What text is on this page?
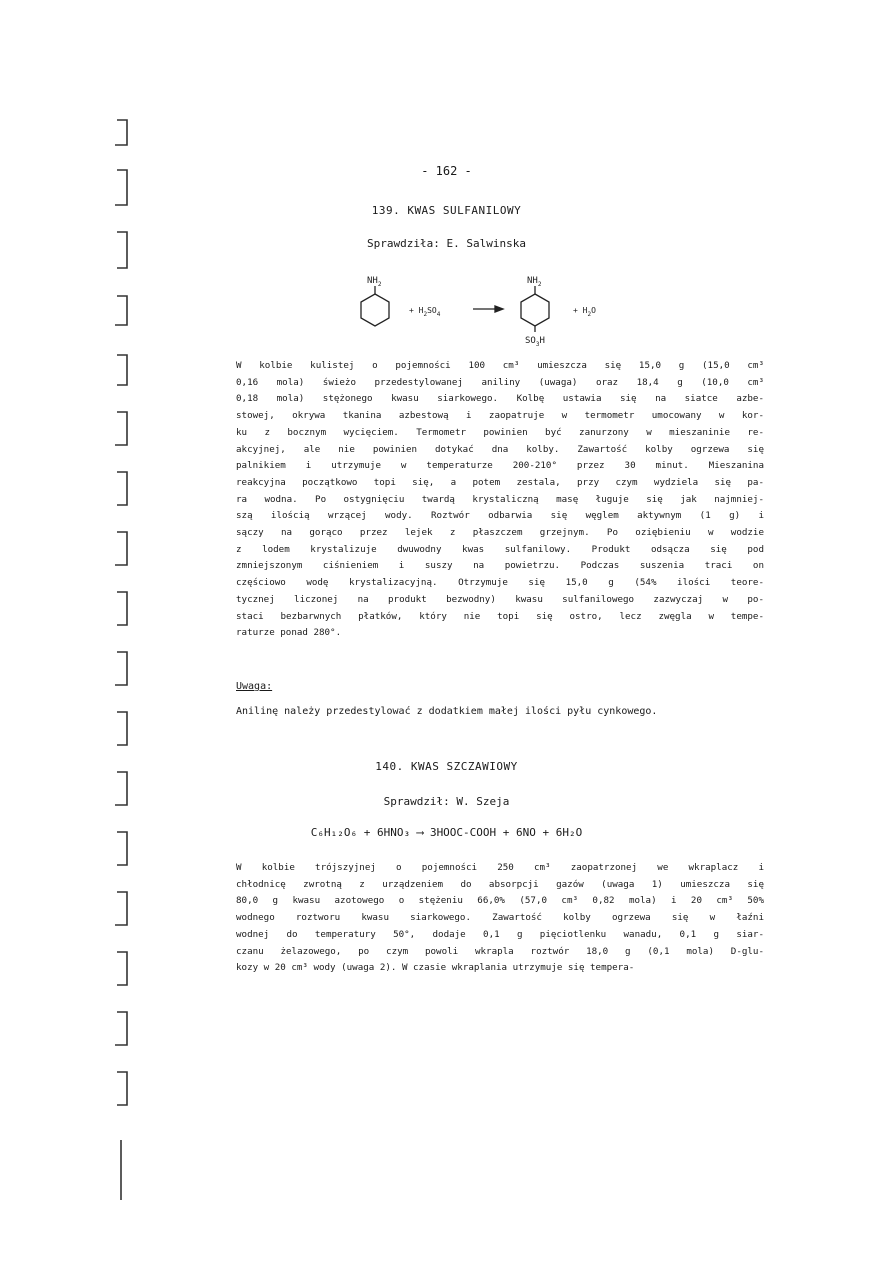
- 162 -
139. KWAS SULFANILOWY
Sprawdziła: E. Salwinska
$NH_2$
+ $H_2SO_4$
$NH_2$
$SO_3H$
+ $H_2O$
W kolbie kulistej o pojemności 100 cm³ umieszcza się 15,0 g (15,0 cm³
0,16 mola) świeżo przedestylowanej aniliny (uwaga) oraz 18,4 g (10,0 cm³
0,18 mola) stężonego kwasu siarkowego. Kolbę ustawia się na siatce azbe-
stowej, okrywa tkanina azbestową i zaopatruje w termometr umocowany w kor-
ku z bocznym wycięciem. Termometr powinien być zanurzony w mieszaninie re-
akcyjnej, ale nie powinien dotykać dna kolby. Zawartość kolby ogrzewa się
palnikiem i utrzymuje w temperaturze 200-210° przez 30 minut. Mieszanina
reakcyjna początkowo topi się, a potem zestala, przy czym wydziela się pa-
ra wodna. Po ostygnięciu twardą krystaliczną masę ługuje się jak najmniej-
szą ilością wrzącej wody. Roztwór odbarwia się węglem aktywnym (1 g) i
sączy na gorąco przez lejek z płaszczem grzejnym. Po oziębieniu w wodzie
z lodem krystalizuje dwuwodny kwas sulfanilowy. Produkt odsącza się pod
zmniejszonym ciśnieniem i suszy na powietrzu. Podczas suszenia traci on
częściowo wodę krystalizacyjną. Otrzymuje się 15,0 g (54% ilości teore-
tycznej liczonej na produkt bezwodny) kwasu sulfanilowego zazwyczaj w po-
staci bezbarwnych płatków, który nie topi się ostro, lecz zwęgla w tempe-
raturze ponad 280°.
Uwaga:
Anilinę należy przedestylować z dodatkiem małej ilości pyłu cynkowego.
140. KWAS SZCZAWIOWY
Sprawdził: W. Szeja
C₆H₁₂O₆ + 6HNO₃ ⟶ 3HOOC-COOH + 6NO + 6H₂O
W kolbie trójszyjnej o pojemności 250 cm³ zaopatrzonej we wkraplacz i
chłodnicę zwrotną z urządzeniem do absorpcji gazów (uwaga 1) umieszcza się
80,0 g kwasu azotowego o stężeniu 66,0% (57,0 cm³ 0,82 mola) i 20 cm³ 50%
wodnego roztworu kwasu siarkowego. Zawartość kolby ogrzewa się w łaźni
wodnej do temperatury 50°, dodaje 0,1 g pięciotlenku wanadu, 0,1 g siar-
czanu żelazowego, po czym powoli wkrapla roztwór 18,0 g (0,1 mola) D-glu-
kozy w 20 cm³ wody (uwaga 2). W czasie wkraplania utrzymuje się tempera-
